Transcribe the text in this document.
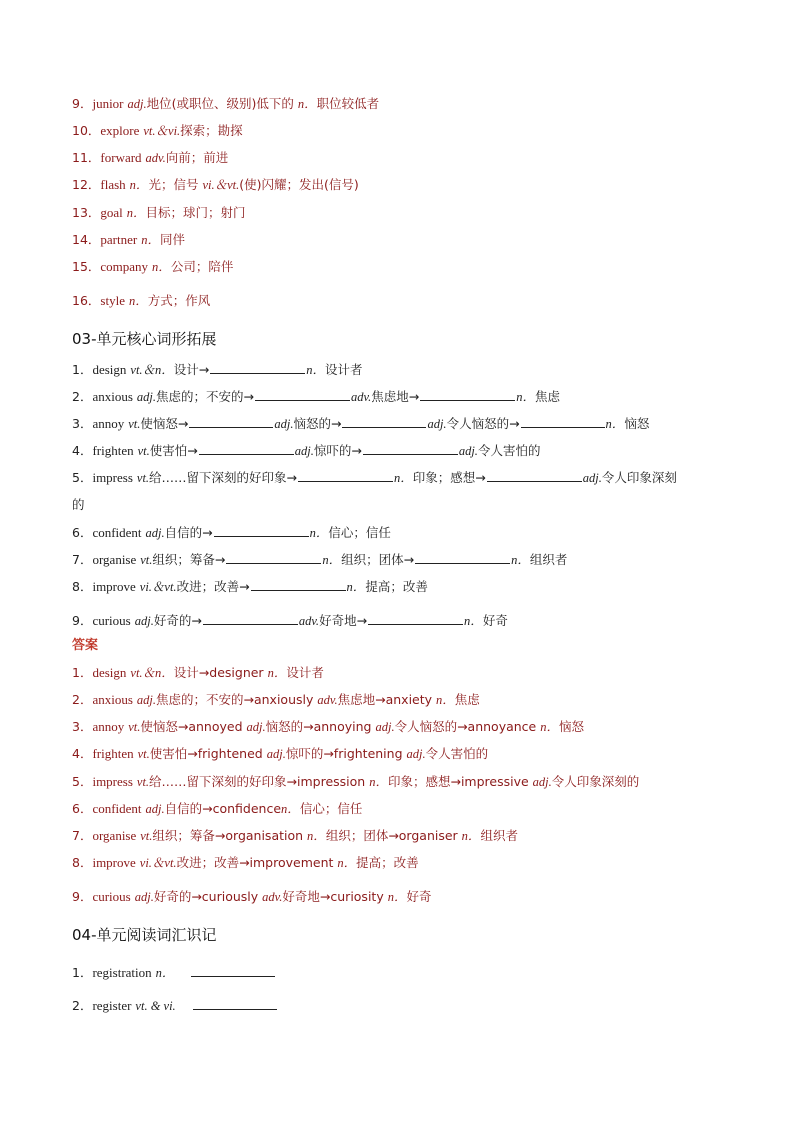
9．junior adj.地位(或职位、级别)低下的 n．职位较低者
10．explore vt.＆vi.探索；勘探
11．forward adv.向前；前进
12．flash n．光；信号 vi.＆vt.(使)闪耀；发出(信号)
13．goal n．目标；球门；射门
14．partner n．同伴
15．company n．公司；陪伴
16．style n．方式；作风
03-单元核心词形拓展
1．design vt.＆n．设计→	n．设计者
2．anxious adj.焦虑的；不安的→	adv.焦虑地→	n．焦虑
3．annoy vt.使恼怒→	adj.恼怒的→	adj.令人恼怒的→	n．恼怒
4．frighten vt.使害怕→	adj.惊吓的→	adj.令人害怕的
5．impress vt.给……留下深刻的好印象→	n．印象；感想→	adj.令人印象深刻
的
6．confident adj.自信的→	n．信心；信任
7．organise vt.组织；筹备→	n．组织；团体→	n．组织者
8．improve vi.＆vt.改进；改善→	n．提高；改善
9．curious adj.好奇的→	adv.好奇地→	n．好奇
答案
1．design vt.＆n．设计→designer n．设计者
2．anxious adj.焦虑的；不安的→anxiously adv.焦虑地→anxiety n．焦虑
3．annoy vt.使恼怒→annoyed adj.恼怒的→annoying adj.令人恼怒的→annoyance n．恼怒
4．frighten vt.使害怕→frightened adj.惊吓的→frightening adj.令人害怕的
5．impress vt.给……留下深刻的好印象→impression n．印象；感想→impressive adj.令人印象深刻的
6．confident adj.自信的→confidencen．信心；信任
7．organise vt.组织；筹备→organisation n．组织；团体→organiser n．组织者
8．improve vi.＆vt.改进；改善→improvement n．提高；改善
9．curious adj.好奇的→curiously adv.好奇地→curiosity n．好奇
04-单元阅读词汇识记
1．registration n．
2．register vt. & vi.
